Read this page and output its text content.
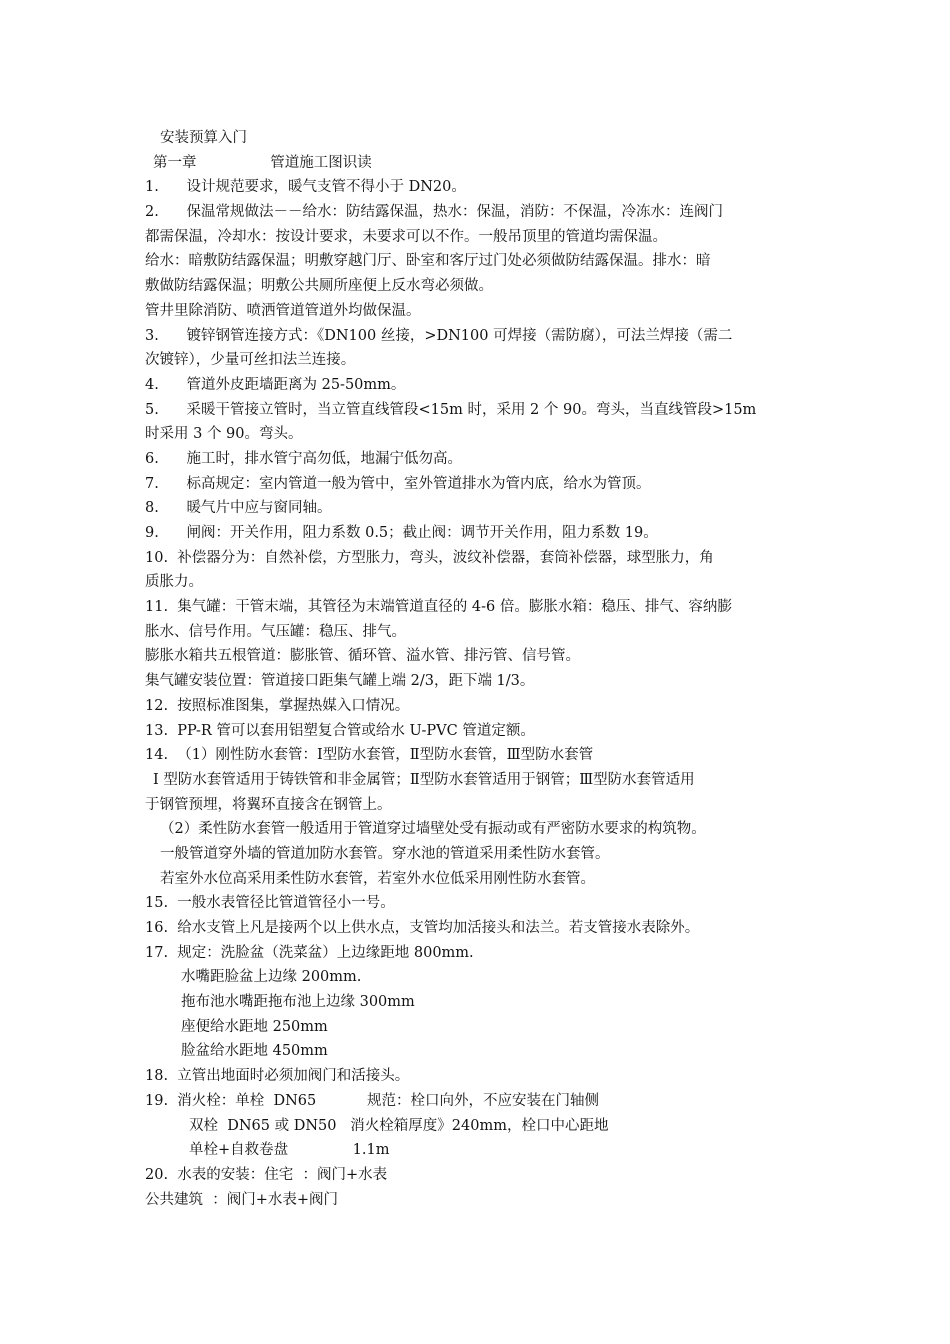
安装预算入门
第一章                管道施工图识读
1.      设计规范要求，暖气支管不得小于 DN20。
2.      保温常规做法－－给水：防结露保温，热水：保温，消防：不保温，冷冻水：连阀门
都需保温，冷却水：按设计要求，未要求可以不作。一般吊顶里的管道均需保温。
给水：暗敷防结露保温；明敷穿越门厅、卧室和客厅过门处必须做防结露保温。排水：暗
敷做防结露保温；明敷公共厕所座便上反水弯必须做。
管井里除消防、喷洒管道管道外均做保温。
3.      镀锌钢管连接方式：《DN100 丝接，>DN100 可焊接（需防腐），可法兰焊接（需二
次镀锌），少量可丝扣法兰连接。
4.      管道外皮距墙距离为 25-50mm。
5.      采暖干管接立管时，当立管直线管段<15m 时，采用 2 个 90。弯头，当直线管段>15m
时采用 3 个 90。弯头。
6.      施工时，排水管宁高勿低，地漏宁低勿高。
7.      标高规定：室内管道一般为管中，室外管道排水为管内底，给水为管顶。
8.      暖气片中应与窗同轴。
9.      闸阀：开关作用，阻力系数 0.5；截止阀：调节开关作用，阻力系数 19。
10.  补偿器分为：自然补偿，方型胀力，弯头，波纹补偿器，套筒补偿器，球型胀力，角
质胀力。
11.  集气罐：干管末端，其管径为末端管道直径的 4-6 倍。膨胀水箱：稳压、排气、容纳膨
胀水、信号作用。气压罐：稳压、排气。
膨胀水箱共五根管道：膨胀管、循环管、溢水管、排污管、信号管。
集气罐安装位置：管道接口距集气罐上端 2/3，距下端 1/3。
12.  按照标准图集，掌握热媒入口情况。
13.  PP-R 管可以套用铝塑复合管或给水 U-PVC 管道定额。
14.  （1）刚性防水套管：Ⅰ型防水套管，Ⅱ型防水套管，Ⅲ型防水套管
Ⅰ 型防水套管适用于铸铁管和非金属管；Ⅱ型防水套管适用于钢管；Ⅲ型防水套管适用
于钢管预埋，将翼环直接含在钢管上。
（2）柔性防水套管一般适用于管道穿过墙壁处受有振动或有严密防水要求的构筑物。
一般管道穿外墙的管道加防水套管。穿水池的管道采用柔性防水套管。
若室外水位高采用柔性防水套管，若室外水位低采用刚性防水套管。
15.  一般水表管径比管道管径小一号。
16.  给水支管上凡是接两个以上供水点，支管均加活接头和法兰。若支管接水表除外。
17.  规定：洗脸盆（洗菜盆）上边缘距地 800mm.
水嘴距脸盆上边缘 200mm.
拖布池水嘴距拖布池上边缘 300mm
座便给水距地 250mm
脸盆给水距地 450mm
18.  立管出地面时必须加阀门和活接头。
19.  消火栓：单栓  DN65           规范：栓口向外，不应安装在门轴侧
双栓  DN65 或 DN50   消火栓箱厚度》240mm，栓口中心距地
单栓+自救卷盘              1.1m
20.  水表的安装：住宅  ：阀门+水表
公共建筑  ：阀门+水表+阀门
